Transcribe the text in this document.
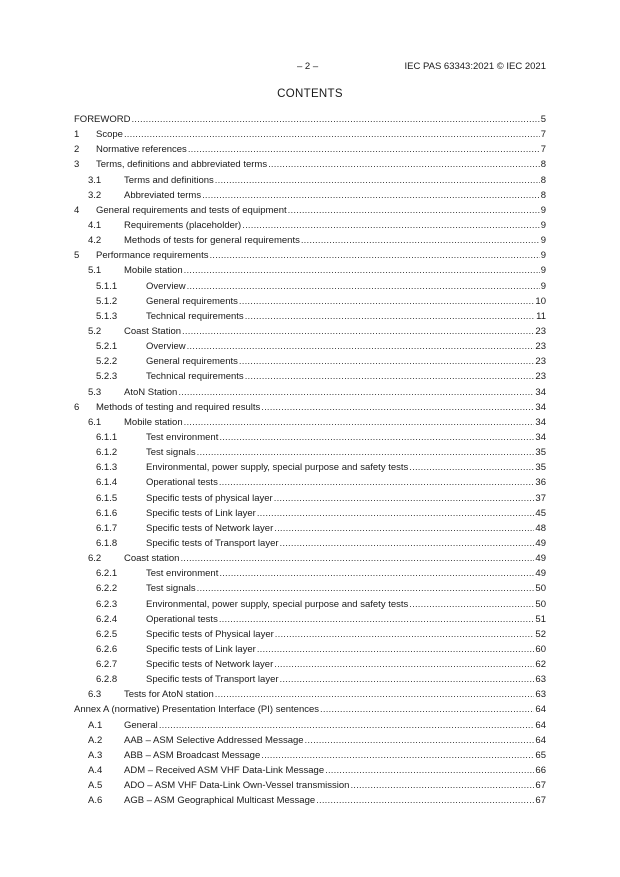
– 2 –	IEC PAS 63343:2021 © IEC 2021
CONTENTS
FOREWORD .....	5
1	Scope .....	7
2	Normative references .....	7
3	Terms, definitions and abbreviated terms .....	8
3.1	Terms and definitions .....	8
3.2	Abbreviated terms .....	8
4	General requirements and tests of equipment .....	9
4.1	Requirements (placeholder) .....	9
4.2	Methods of tests for general requirements .....	9
5	Performance requirements .....	9
5.1	Mobile station .....	9
5.1.1	Overview .....	9
5.1.2	General requirements .....	10
5.1.3	Technical requirements .....	11
5.2	Coast Station .....	23
5.2.1	Overview .....	23
5.2.2	General requirements .....	23
5.2.3	Technical requirements .....	23
5.3	AtoN Station .....	34
6	Methods of testing and required results .....	34
6.1	Mobile station .....	34
6.1.1	Test environment .....	34
6.1.2	Test signals .....	35
6.1.3	Environmental, power supply, special purpose and safety tests .....	35
6.1.4	Operational tests .....	36
6.1.5	Specific tests of physical layer .....	37
6.1.6	Specific tests of Link layer .....	45
6.1.7	Specific tests of Network layer .....	48
6.1.8	Specific tests of Transport layer .....	49
6.2	Coast station .....	49
6.2.1	Test environment .....	49
6.2.2	Test signals .....	50
6.2.3	Environmental, power supply, special purpose and safety tests .....	50
6.2.4	Operational tests .....	51
6.2.5	Specific tests of Physical layer .....	52
6.2.6	Specific tests of Link layer .....	60
6.2.7	Specific tests of Network layer .....	62
6.2.8	Specific tests of Transport layer .....	63
6.3	Tests for AtoN station .....	63
Annex A (normative) Presentation Interface (PI) sentences .....	64
A.1	General .....	64
A.2	AAB – ASM Selective Addressed Message .....	64
A.3	ABB – ASM Broadcast Message .....	65
A.4	ADM – Received ASM VHF Data-Link Message .....	66
A.5	ADO – ASM VHF Data-Link Own-Vessel transmission .....	67
A.6	AGB – ASM Geographical Multicast Message .....	67
